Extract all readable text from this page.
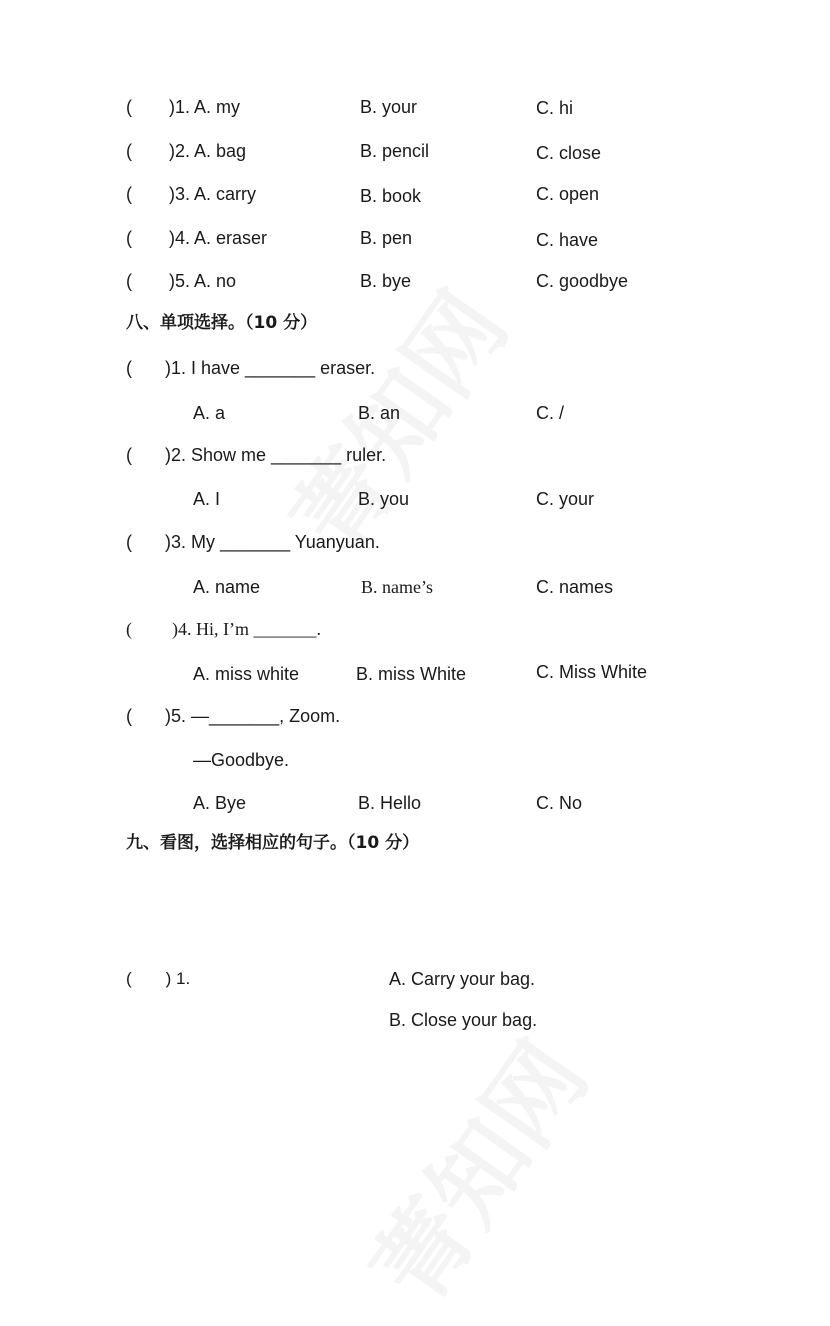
( )1. A. my	B. your	C. hi
( )2. A. bag	B. pencil	C. close
( )3. A. carry	B. book	C. open
( )4. A. eraser	B. pen	C. have
( )5. A. no	B. bye	C. goodbye
八、单项选择。（10 分）
( )1. I have _______ eraser.
A. a	B. an	C. /
( )2. Show me _______ ruler.
A. I	B. you	C. your
( )3. My _______ Yuanyuan.
A. name	B. name’s	C. names
( )4. Hi, I’m _______.
A. miss white	B. miss White	C. Miss White
( )5. —_______, Zoom.
—Goodbye.
A. Bye	B. Hello	C. No
九、看图，选择相应的句子。（10 分）
(　　) 1.	A. Carry your bag.
B. Close your bag.
